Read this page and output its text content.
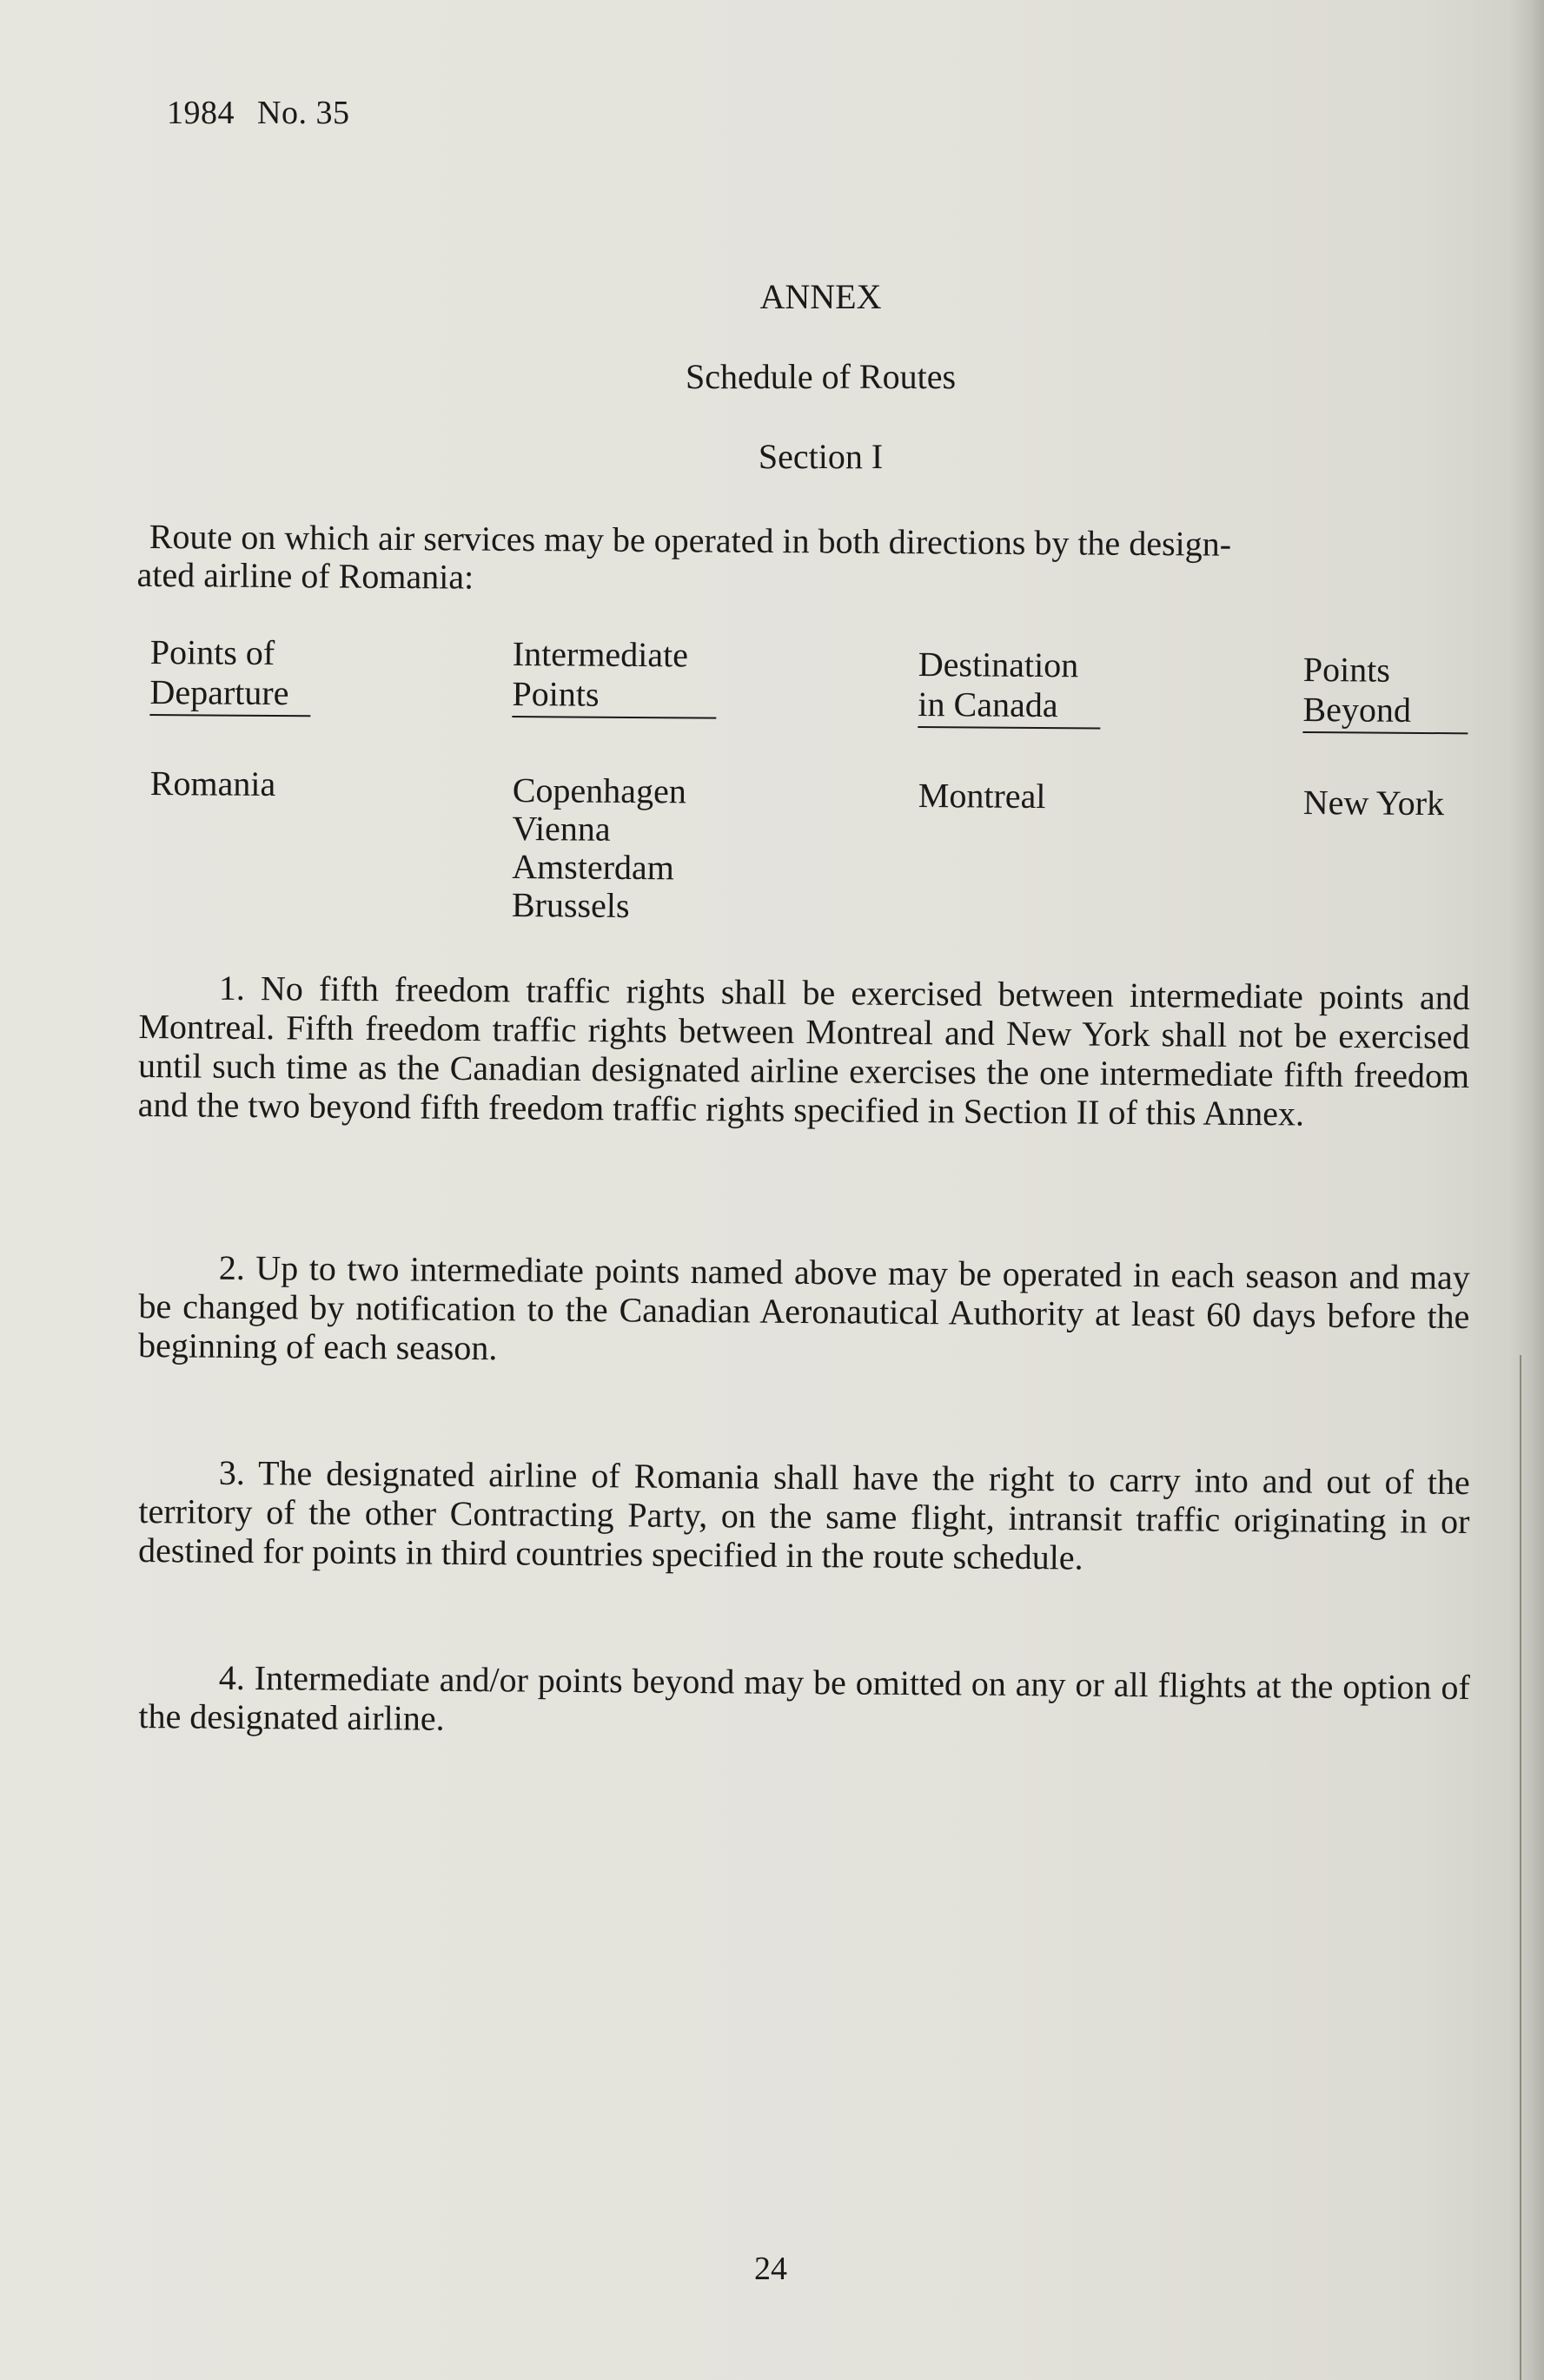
1984 No. 35
ANNEX
Schedule of Routes
Section I
Route on which air services may be operated in both directions by the design-
ated airline of Romania:
Points of
Departure
Intermediate
Points
Destination
in Canada
Points
Beyond
Romania	Copenhagen
Vienna
Amsterdam
Brussels
Montreal	New York
1. No fifth freedom traffic rights shall be exercised between intermediate points and Montreal. Fifth freedom traffic rights between Montreal and New York shall not be exercised until such time as the Canadian designated airline exercises the one intermediate fifth freedom and the two beyond fifth freedom traffic rights specified in Section II of this Annex.
2. Up to two intermediate points named above may be operated in each season and may be changed by notification to the Canadian Aeronautical Authority at least 60 days before the beginning of each season.
3. The designated airline of Romania shall have the right to carry into and out of the territory of the other Contracting Party, on the same flight, intransit traffic originating in or destined for points in third countries specified in the route schedule.
4. Intermediate and/or points beyond may be omitted on any or all flights at the option of the designated airline.
24
